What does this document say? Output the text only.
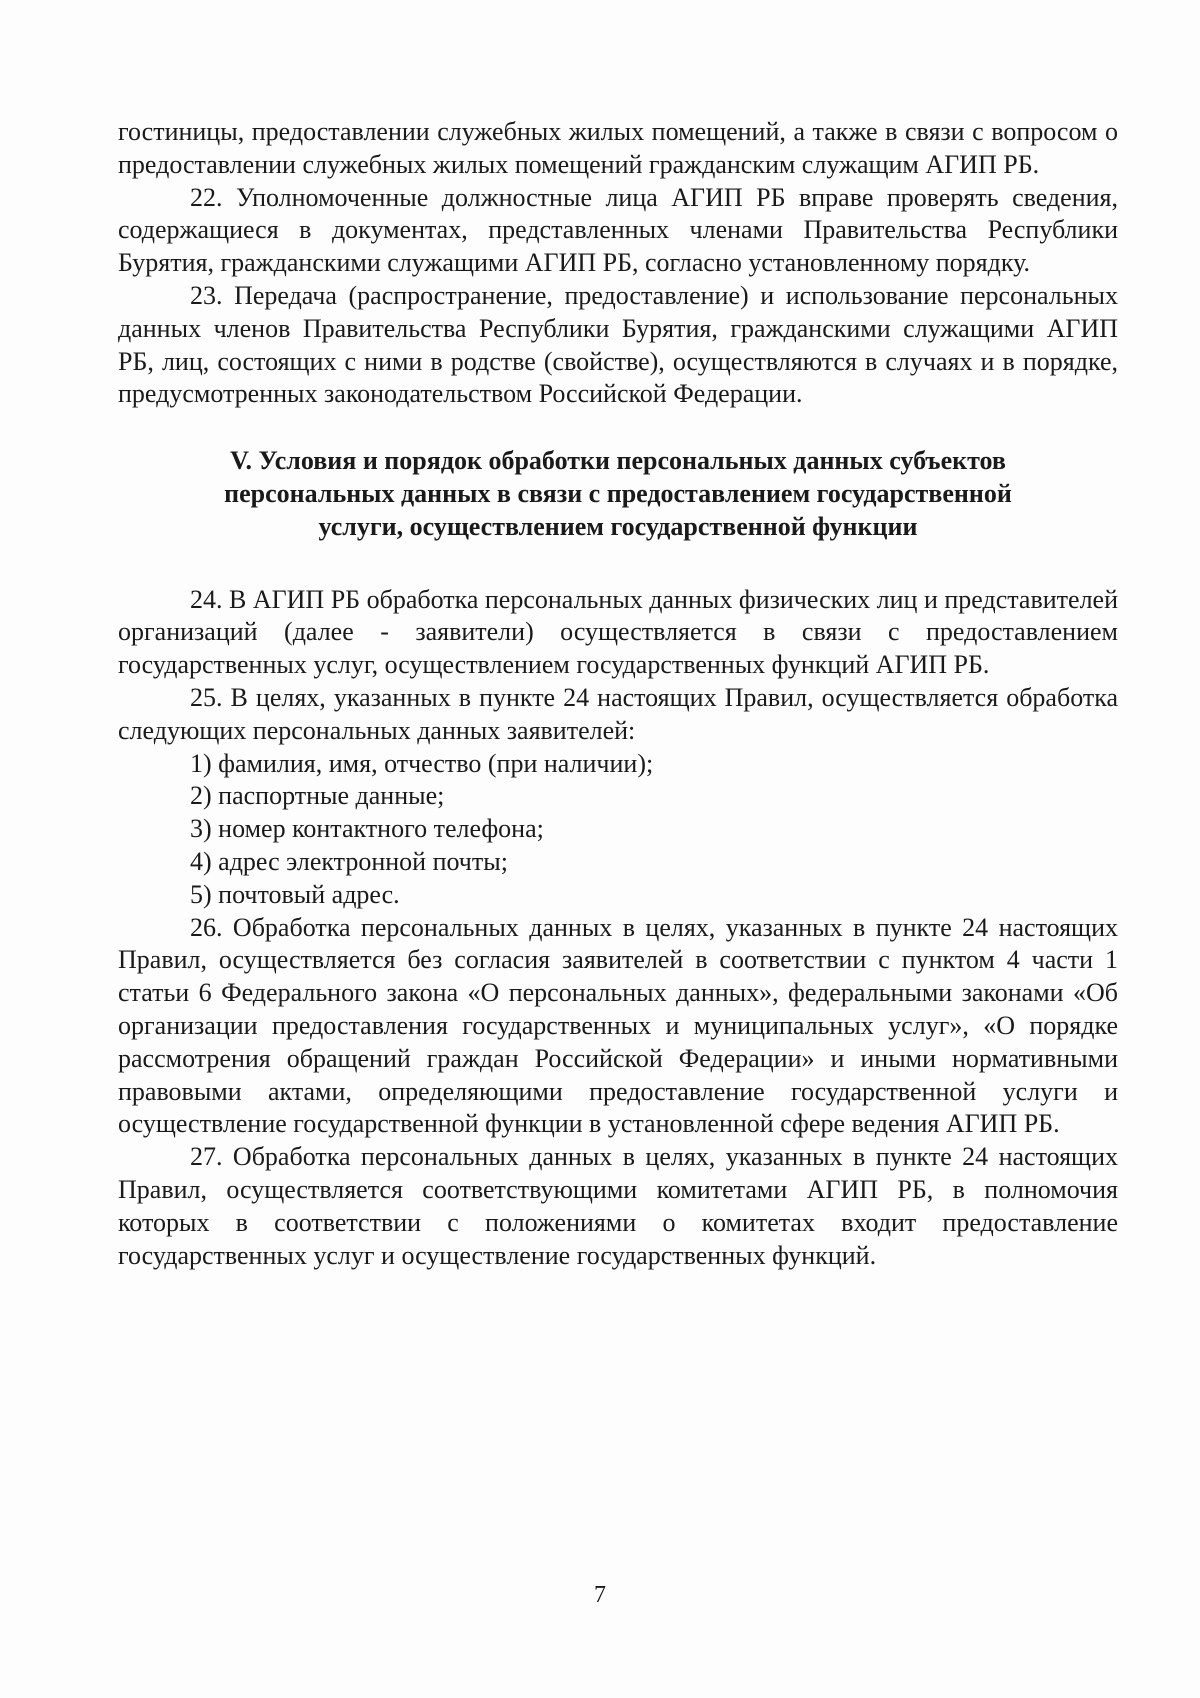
гостиницы, предоставлении служебных жилых помещений, а также в связи с вопросом о предоставлении служебных жилых помещений гражданским служащим АГИП РБ.

22. Уполномоченные должностные лица АГИП РБ вправе проверять сведения, содержащиеся в документах, представленных членами Правительства Республики Бурятия, гражданскими служащими АГИП РБ, согласно установленному порядку.

23. Передача (распространение, предоставление) и использование персональных данных членов Правительства Республики Бурятия, гражданскими служащими АГИП РБ, лиц, состоящих с ними в родстве (свойстве), осуществляются в случаях и в порядке, предусмотренных законодательством Российской Федерации.

V. Условия и порядок обработки персональных данных субъектов персональных данных в связи с предоставлением государственной услуги, осуществлением государственной функции

24. В АГИП РБ обработка персональных данных физических лиц и представителей организаций (далее - заявители) осуществляется в связи с предоставлением государственных услуг, осуществлением государственных функций АГИП РБ.

25. В целях, указанных в пункте 24 настоящих Правил, осуществляется обработка следующих персональных данных заявителей:

1) фамилия, имя, отчество (при наличии);

2) паспортные данные;

3) номер контактного телефона;

4) адрес электронной почты;

5) почтовый адрес.

26. Обработка персональных данных в целях, указанных в пункте 24 настоящих Правил, осуществляется без согласия заявителей в соответствии с пунктом 4 части 1 статьи 6 Федерального закона «О персональных данных», федеральными законами «Об организации предоставления государственных и муниципальных услуг», «О порядке рассмотрения обращений граждан Российской Федерации» и иными нормативными правовыми актами, определяющими предоставление государственной услуги и осуществление государственной функции в установленной сфере ведения АГИП РБ.

27. Обработка персональных данных в целях, указанных в пункте 24 настоящих Правил, осуществляется соответствующими комитетами АГИП РБ, в полномочия которых в соответствии с положениями о комитетах входит предоставление государственных услуг и осуществление государственных функций.

7
